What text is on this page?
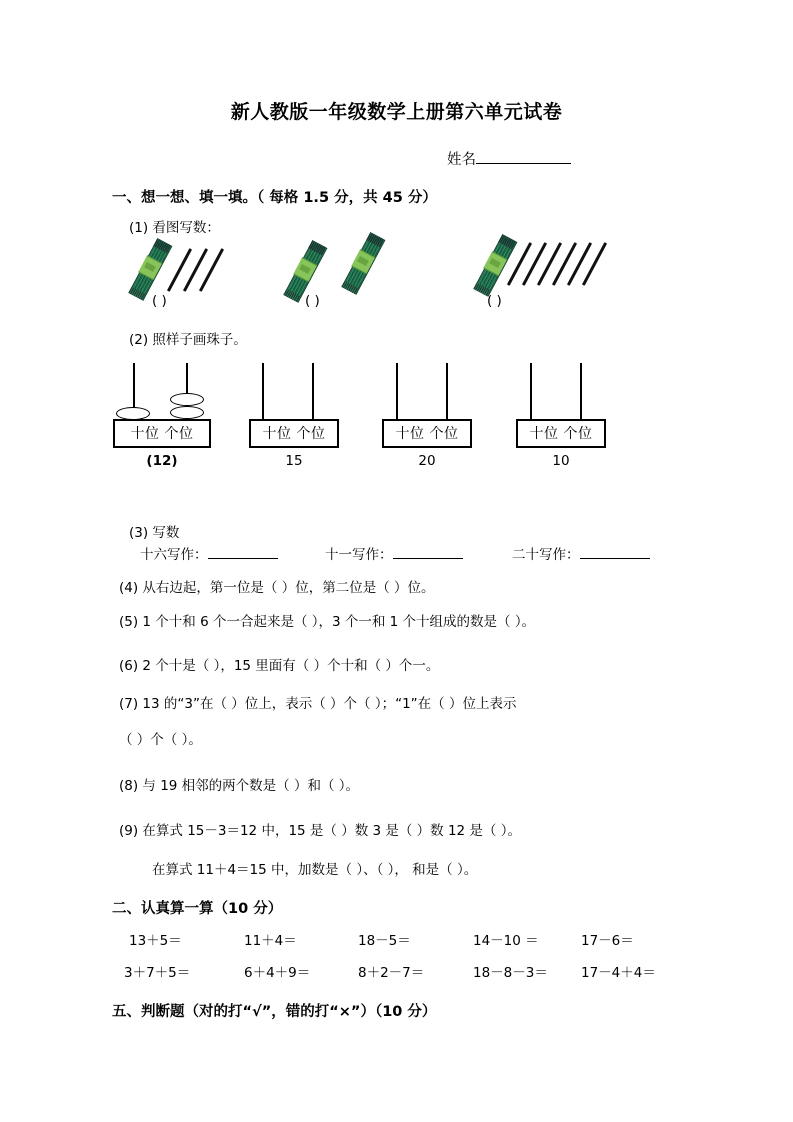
新人教版一年级数学上册第六单元试卷
姓名
一、想一想、填一填。（ 每格 1.5 分，共 45 分）
(1) 看图写数：
( )	( )	( )
(2) 照样子画珠子。
十位 个位
(12)
十位 个位
15
十位 个位
20
十位 个位
10
(3) 写数
十六写作：	十一写作：	二十写作：
(4) 从右边起，第一位是（ ）位，第二位是（ ）位。
(5) 1 个十和 6 个一合起来是（ ），3 个一和 1 个十组成的数是（ ）。
(6) 2 个十是（ ），15 里面有（ ）个十和（ ）个一。
(7) 13 的“3”在（ ）位上，表示（ ）个（ ）；“1”在（ ）位上表示
（ ）个（ ）。
(8) 与 19 相邻的两个数是（ ）和（ ）。
(9) 在算式 15－3＝12 中，15 是（ ）数 3 是（ ）数 12 是（ ）。
在算式 11＋4＝15 中，加数是（ ）、（ ）， 和是（ ）。
二、认真算一算（10 分）
13＋5＝	11＋4＝	18－5＝	14－10 ＝	17－6＝
3＋7＋5＝	6＋4＋9＝	8＋2－7＝	18－8－3＝ 17－4＋4＝
五、判断题（对的打“√”，错的打“×”）（10 分）
